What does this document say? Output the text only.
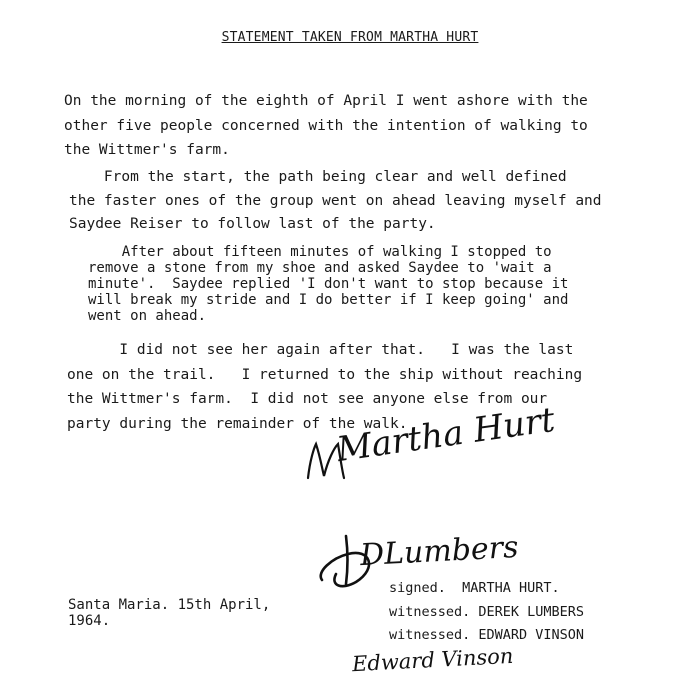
STATEMENT TAKEN FROM MARTHA HURT
On the morning of the eighth of April I went ashore with the
other five people concerned with the intention of walking to
the Wittmer's farm.
From the start, the path being clear and well defined
the faster ones of the group went on ahead leaving myself and
Saydee Reiser to follow last of the party.
After about fifteen minutes of walking I stopped to
remove a stone from my shoe and asked Saydee to 'wait a
minute'.  Saydee replied 'I don't want to stop because it
will break my stride and I do better if I keep going' and
went on ahead.
I did not see her again after that.   I was the last
one on the trail.   I returned to the ship without reaching
the Wittmer's farm.  I did not see anyone else from our
party during the remainder of the walk.
Martha Hurt
DLumbers
Santa Maria. 15th April,
1964.
signed.  MARTHA HURT.
witnessed. DEREK LUMBERS
witnessed. EDWARD VINSON
Edward Vinson
